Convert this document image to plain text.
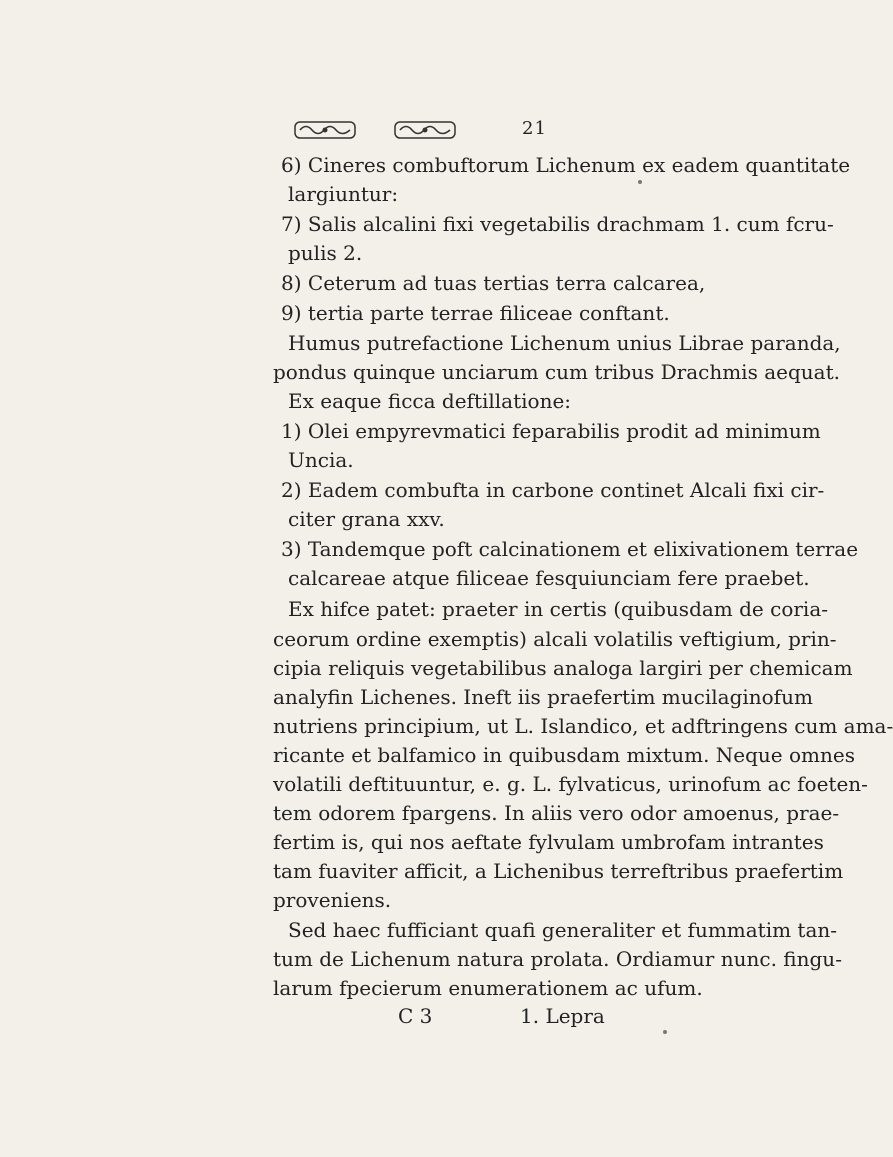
21
6) Cineres combuftorum Lichenum ex eadem quantitate
largiuntur:
7) Salis alcalini fixi vegetabilis drachmam 1. cum fcru-
pulis 2.
8) Ceterum ad tuas tertias terra calcarea,
9) tertia parte terrae filiceae conftant.
Humus putrefactione Lichenum unius Librae paranda,
pondus quinque unciarum cum tribus Drachmis aequat.
Ex eaque ficca deftillatione:
1) Olei empyrevmatici feparabilis prodit ad minimum
Uncia.
2) Eadem combufta in carbone continet Alcali fixi cir-
citer grana xxv.
3) Tandemque poft calcinationem et elixivationem terrae
calcareae atque filiceae fesquiunciam fere praebet.
Ex hifce patet: praeter in certis (quibusdam de coria-
ceorum ordine exemptis) alcali volatilis veftigium, prin-
cipia reliquis vegetabilibus analoga largiri per chemicam
analyfin Lichenes. Ineft iis praefertim mucilaginofum
nutriens principium, ut L. Islandico, et adftringens cum ama-
ricante et balfamico in quibusdam mixtum. Neque omnes
volatili deftituuntur, e. g. L. fylvaticus, urinofum ac foeten-
tem odorem fpargens. In aliis vero odor amoenus, prae-
fertim is, qui nos aeftate fylvulam umbrofam intrantes
tam fuaviter afficit, a Lichenibus terreftribus praefertim
proveniens.
Sed haec fufficiant quafi generaliter et fummatim tan-
tum de Lichenum natura prolata. Ordiamur nunc. fingu-
larum fpecierum enumerationem ac ufum.
C 3	1. Lepra
